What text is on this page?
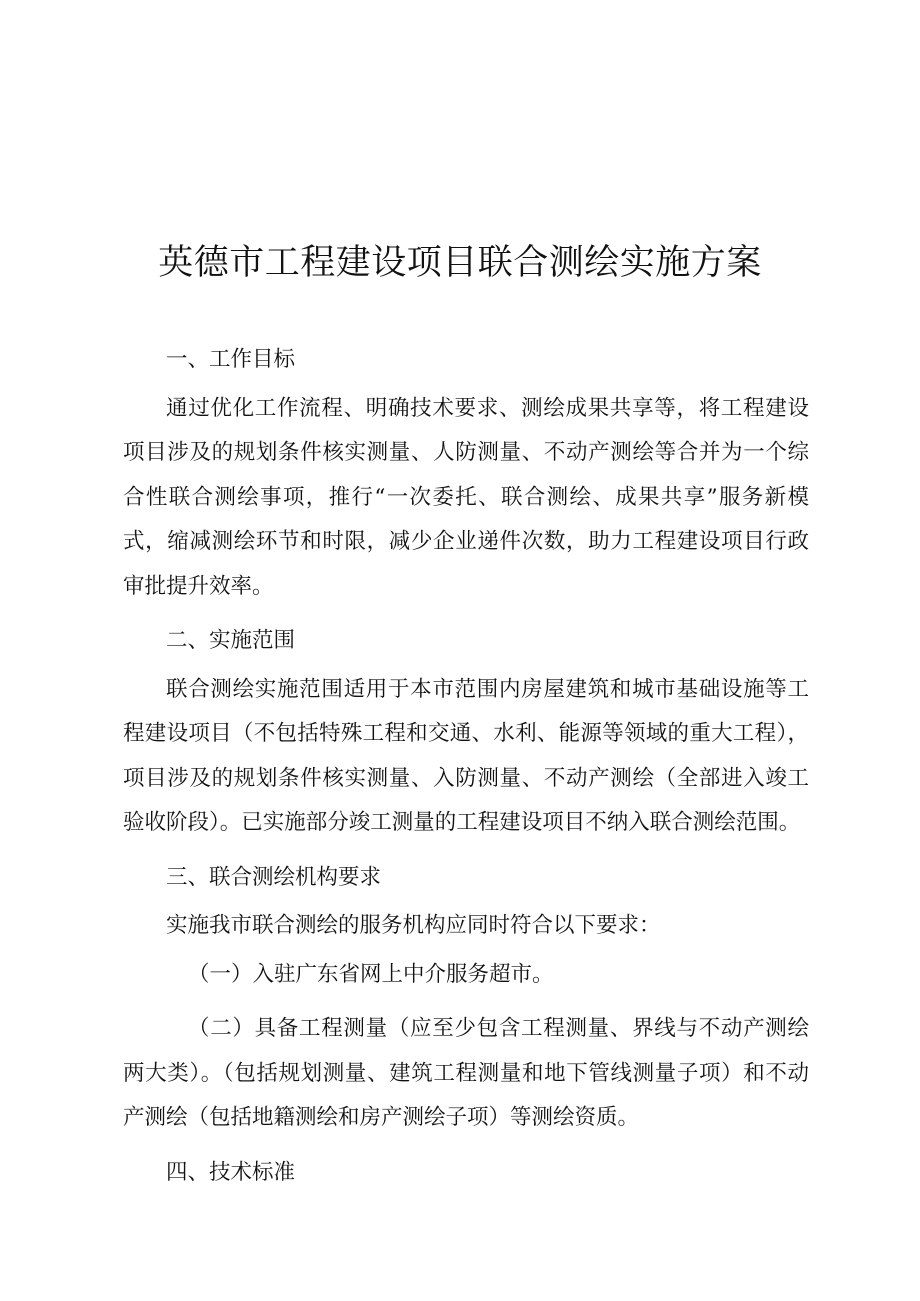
英德市工程建设项目联合测绘实施方案

一、工作目标

通过优化工作流程、明确技术要求、测绘成果共享等，将工程建设项目涉及的规划条件核实测量、人防测量、不动产测绘等合并为一个综合性联合测绘事项，推行“一次委托、联合测绘、成果共享”服务新模式，缩减测绘环节和时限，减少企业递件次数，助力工程建设项目行政审批提升效率。

二、实施范围

联合测绘实施范围适用于本市范围内房屋建筑和城市基础设施等工程建设项目（不包括特殊工程和交通、水利、能源等领域的重大工程），项目涉及的规划条件核实测量、入防测量、不动产测绘（全部进入竣工验收阶段）。已实施部分竣工测量的工程建设项目不纳入联合测绘范围。

三、联合测绘机构要求

实施我市联合测绘的服务机构应同时符合以下要求：

（一）入驻广东省网上中介服务超市。

（二）具备工程测量（应至少包含工程测量、界线与不动产测绘两大类）。（包括规划测量、建筑工程测量和地下管线测量子项）和不动产测绘（包括地籍测绘和房产测绘子项）等测绘资质。

四、技术标准
